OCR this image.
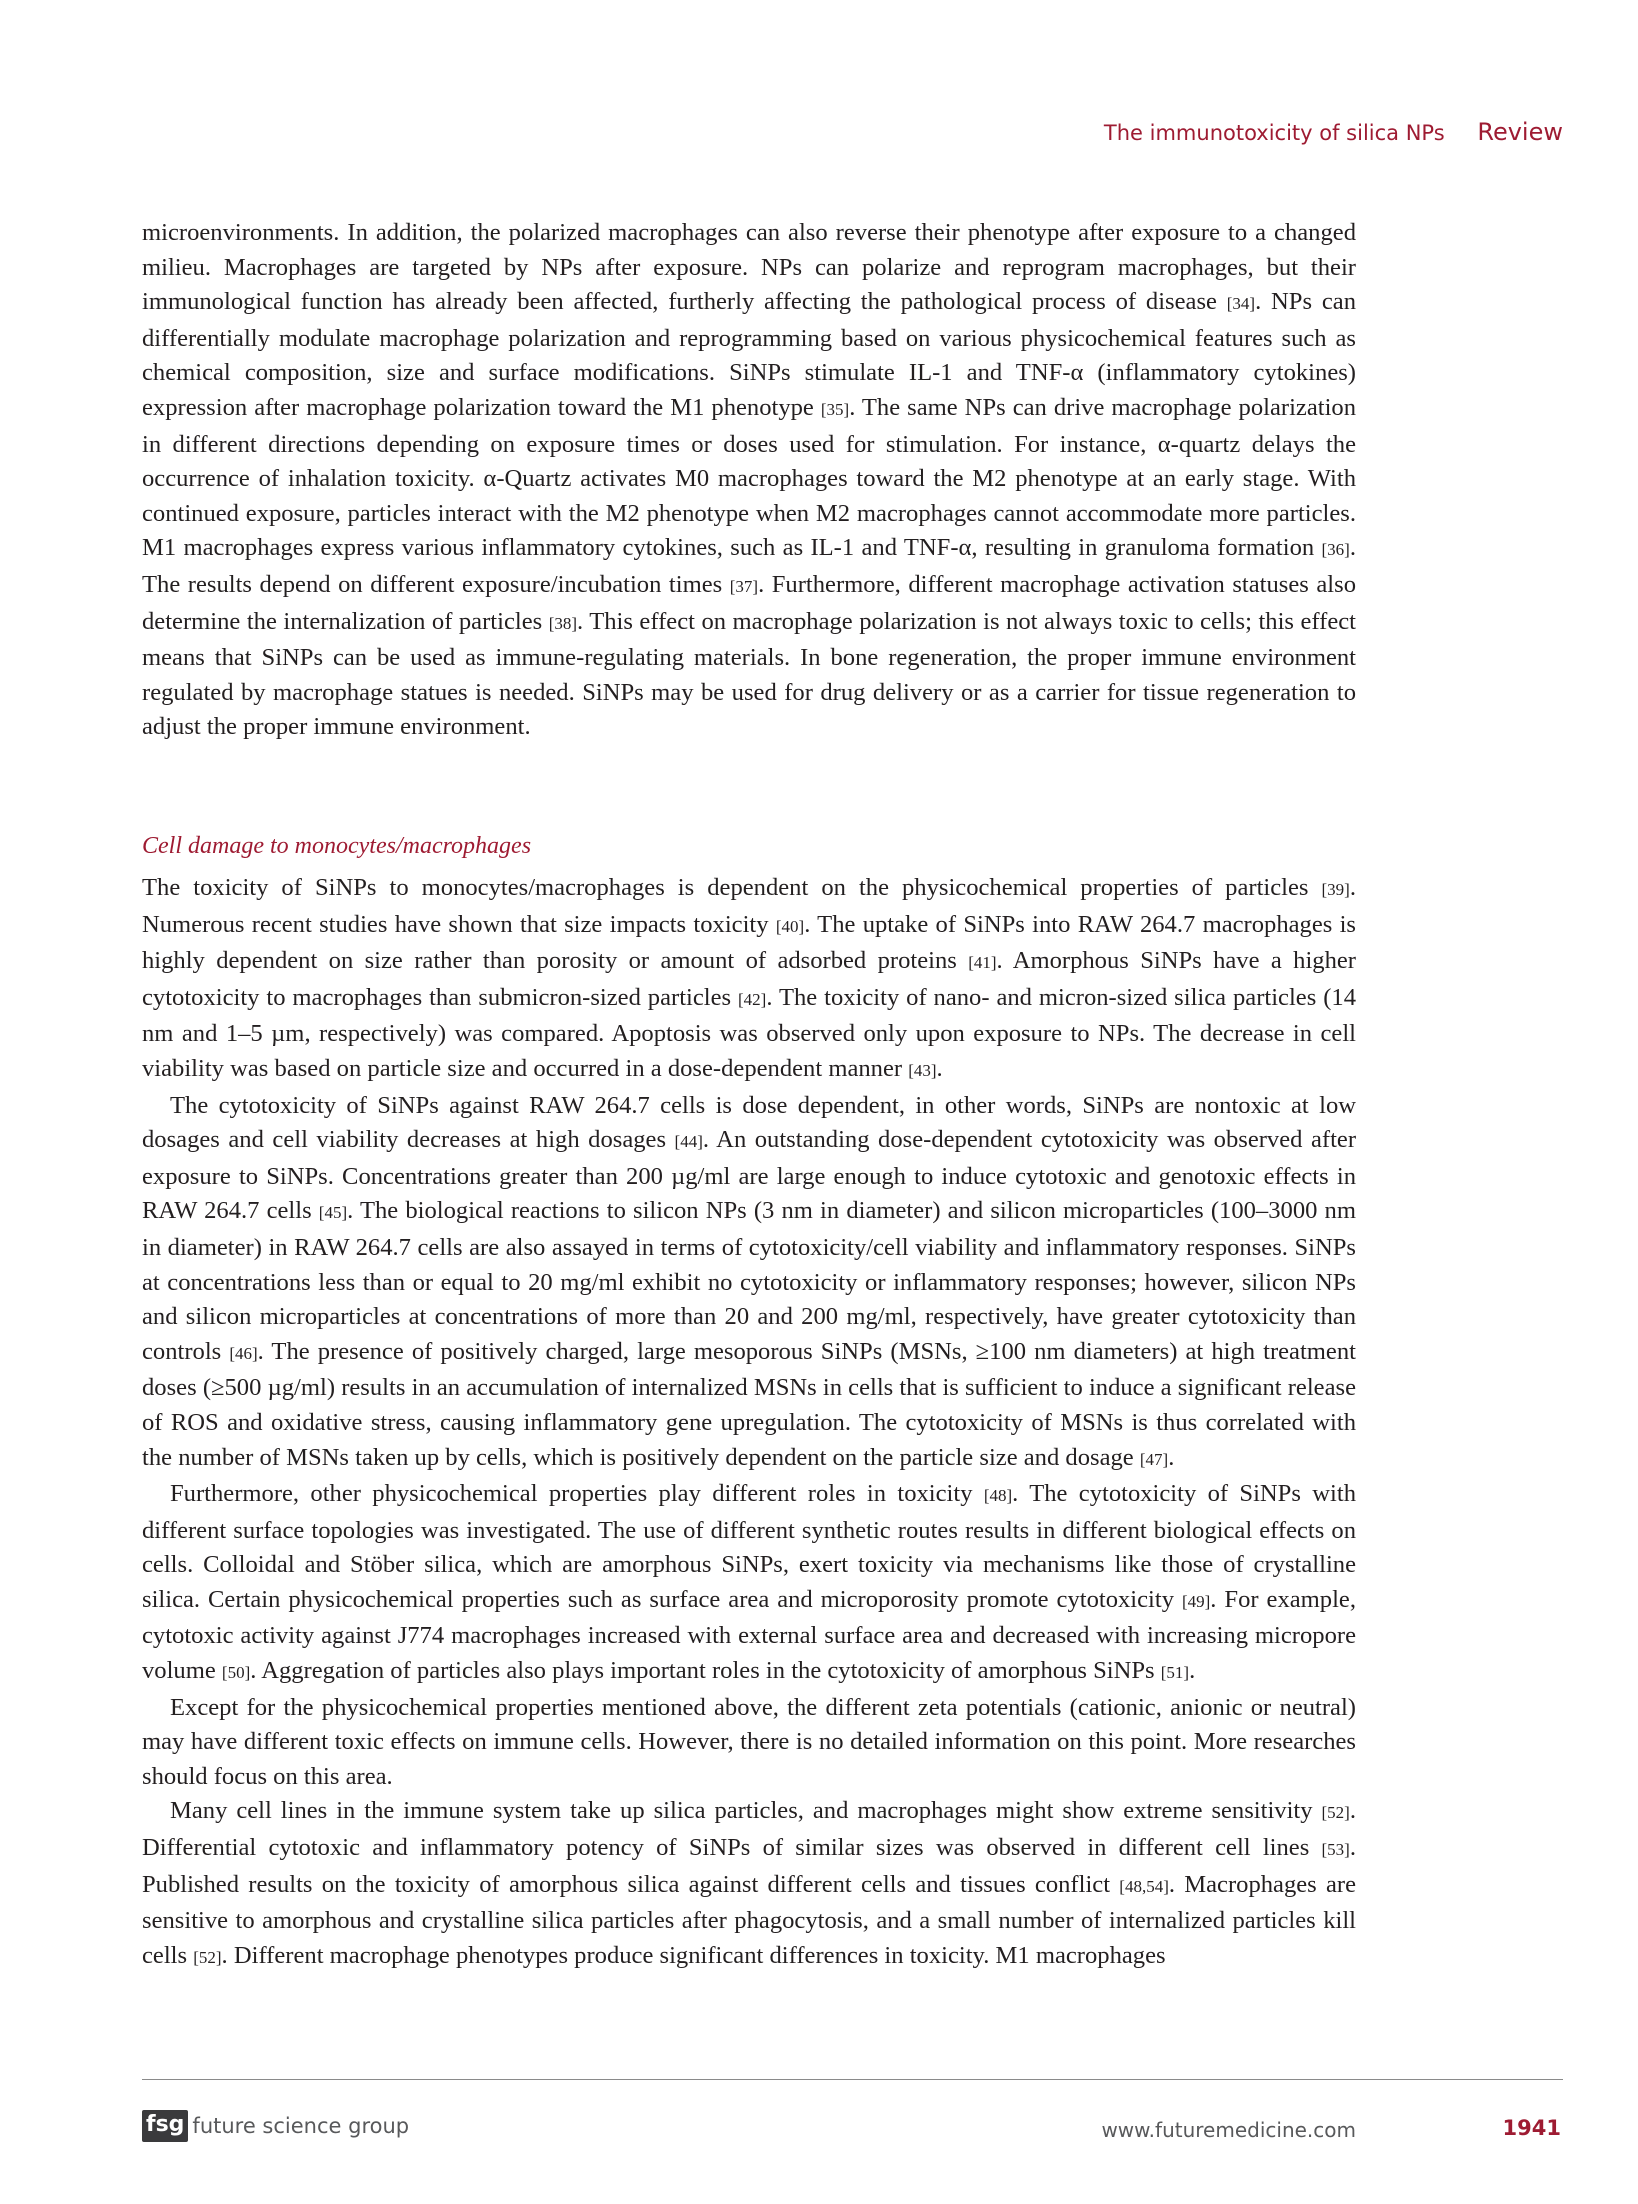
The immunotoxicity of silica NPs Review

microenvironments. In addition, the polarized macrophages can also reverse their phenotype after exposure to a changed milieu. Macrophages are targeted by NPs after exposure. NPs can polarize and reprogram macrophages, but their immunological function has already been affected, furtherly affecting the pathological process of disease [34]. NPs can differentially modulate macrophage polarization and reprogramming based on various physicochemical features such as chemical composition, size and surface modifications. SiNPs stimulate IL-1 and TNF-α (inflammatory cytokines) expression after macrophage polarization toward the M1 phenotype [35]. The same NPs can drive macrophage polarization in different directions depending on exposure times or doses used for stimulation. For instance, α-quartz delays the occurrence of inhalation toxicity. α-Quartz activates M0 macrophages toward the M2 phenotype at an early stage. With continued exposure, particles interact with the M2 phenotype when M2 macrophages cannot accommodate more particles. M1 macrophages express various inflammatory cytokines, such as IL-1 and TNF-α, resulting in granuloma formation [36]. The results depend on different exposure/incubation times [37]. Furthermore, different macrophage activation statuses also determine the internalization of particles [38]. This effect on macrophage polarization is not always toxic to cells; this effect means that SiNPs can be used as immune-regulating materials. In bone regeneration, the proper immune environment regulated by macrophage statues is needed. SiNPs may be used for drug delivery or as a carrier for tissue regeneration to adjust the proper immune environment.

Cell damage to monocytes/macrophages

The toxicity of SiNPs to monocytes/macrophages is dependent on the physicochemical properties of particles [39]. Numerous recent studies have shown that size impacts toxicity [40]. The uptake of SiNPs into RAW 264.7 macrophages is highly dependent on size rather than porosity or amount of adsorbed proteins [41]. Amorphous SiNPs have a higher cytotoxicity to macrophages than submicron-sized particles [42]. The toxicity of nano- and micron-sized silica particles (14 nm and 1–5 µm, respectively) was compared. Apoptosis was observed only upon exposure to NPs. The decrease in cell viability was based on particle size and occurred in a dose-dependent manner [43].

The cytotoxicity of SiNPs against RAW 264.7 cells is dose dependent, in other words, SiNPs are nontoxic at low dosages and cell viability decreases at high dosages [44]. An outstanding dose-dependent cytotoxicity was observed after exposure to SiNPs. Concentrations greater than 200 µg/ml are large enough to induce cytotoxic and genotoxic effects in RAW 264.7 cells [45]. The biological reactions to silicon NPs (3 nm in diameter) and silicon microparticles (100–3000 nm in diameter) in RAW 264.7 cells are also assayed in terms of cytotoxicity/cell viability and inflammatory responses. SiNPs at concentrations less than or equal to 20 mg/ml exhibit no cytotoxicity or inflammatory responses; however, silicon NPs and silicon microparticles at concentrations of more than 20 and 200 mg/ml, respectively, have greater cytotoxicity than controls [46]. The presence of positively charged, large mesoporous SiNPs (MSNs, ≥100 nm diameters) at high treatment doses (≥500 µg/ml) results in an accumulation of internalized MSNs in cells that is sufficient to induce a significant release of ROS and oxidative stress, causing inflammatory gene upregulation. The cytotoxicity of MSNs is thus correlated with the number of MSNs taken up by cells, which is positively dependent on the particle size and dosage [47].

Furthermore, other physicochemical properties play different roles in toxicity [48]. The cytotoxicity of SiNPs with different surface topologies was investigated. The use of different synthetic routes results in different biological effects on cells. Colloidal and Stöber silica, which are amorphous SiNPs, exert toxicity via mechanisms like those of crystalline silica. Certain physicochemical properties such as surface area and microporosity promote cytotoxicity [49]. For example, cytotoxic activity against J774 macrophages increased with external surface area and decreased with increasing micropore volume [50]. Aggregation of particles also plays important roles in the cytotoxicity of amorphous SiNPs [51].

Except for the physicochemical properties mentioned above, the different zeta potentials (cationic, anionic or neutral) may have different toxic effects on immune cells. However, there is no detailed information on this point. More researches should focus on this area.

Many cell lines in the immune system take up silica particles, and macrophages might show extreme sensitivity [52]. Differential cytotoxic and inflammatory potency of SiNPs of similar sizes was observed in different cell lines [53]. Published results on the toxicity of amorphous silica against different cells and tissues conflict [48,54]. Macrophages are sensitive to amorphous and crystalline silica particles after phagocytosis, and a small number of internalized particles kill cells [52]. Different macrophage phenotypes produce significant differences in toxicity. M1 macrophages

fsg future science group	www.futuremedicine.com	1941
